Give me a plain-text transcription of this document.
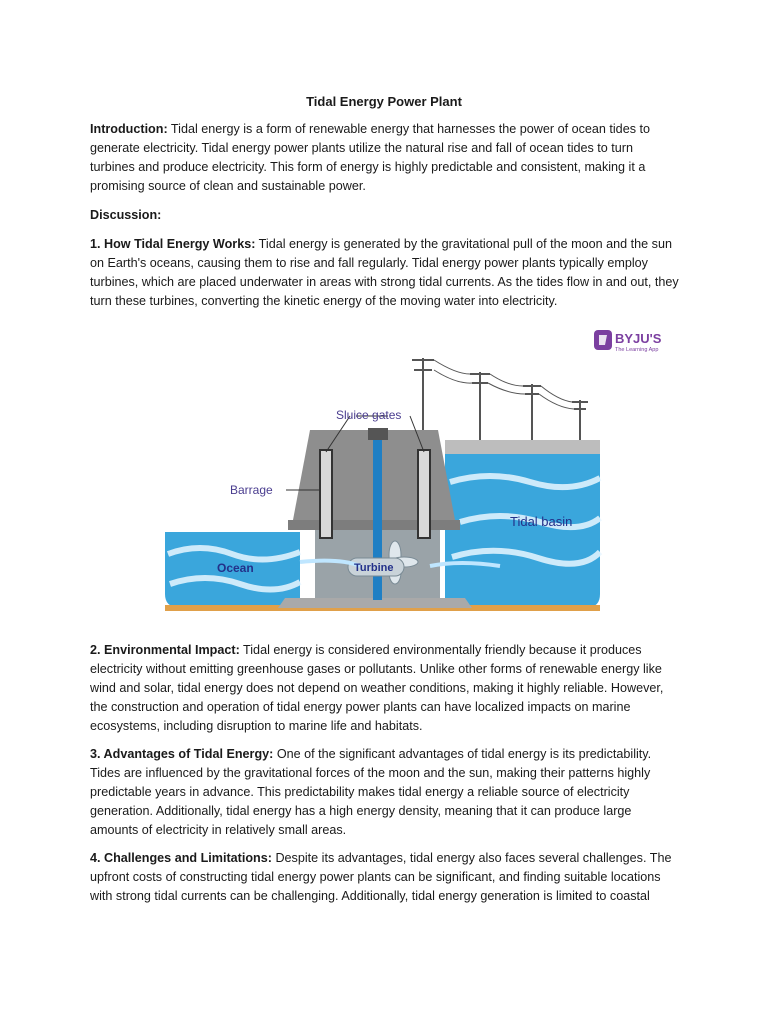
Tidal Energy Power Plant

Introduction: Tidal energy is a form of renewable energy that harnesses the power of ocean tides to generate electricity. Tidal energy power plants utilize the natural rise and fall of ocean tides to turn turbines and produce electricity. This form of energy is highly predictable and consistent, making it a promising source of clean and sustainable power.

Discussion:

1. How Tidal Energy Works: Tidal energy is generated by the gravitational pull of the moon and the sun on Earth's oceans, causing them to rise and fall regularly. Tidal energy power plants typically employ turbines, which are placed underwater in areas with strong tidal currents. As the tides flow in and out, they turn these turbines, converting the kinetic energy of the moving water into electricity.

BYJU'S
The Learning App
Sluice gates
Barrage
Tidal basin
Ocean	Turbine

2. Environmental Impact: Tidal energy is considered environmentally friendly because it produces electricity without emitting greenhouse gases or pollutants. Unlike other forms of renewable energy like wind and solar, tidal energy does not depend on weather conditions, making it highly reliable. However, the construction and operation of tidal energy power plants can have localized impacts on marine ecosystems, including disruption to marine life and habitats.

3. Advantages of Tidal Energy: One of the significant advantages of tidal energy is its predictability. Tides are influenced by the gravitational forces of the moon and the sun, making their patterns highly predictable years in advance. This predictability makes tidal energy a reliable source of electricity generation. Additionally, tidal energy has a high energy density, meaning that it can produce large amounts of electricity in relatively small areas.

4. Challenges and Limitations: Despite its advantages, tidal energy also faces several challenges. The upfront costs of constructing tidal energy power plants can be significant, and finding suitable locations with strong tidal currents can be challenging. Additionally, tidal energy generation is limited to coastal
